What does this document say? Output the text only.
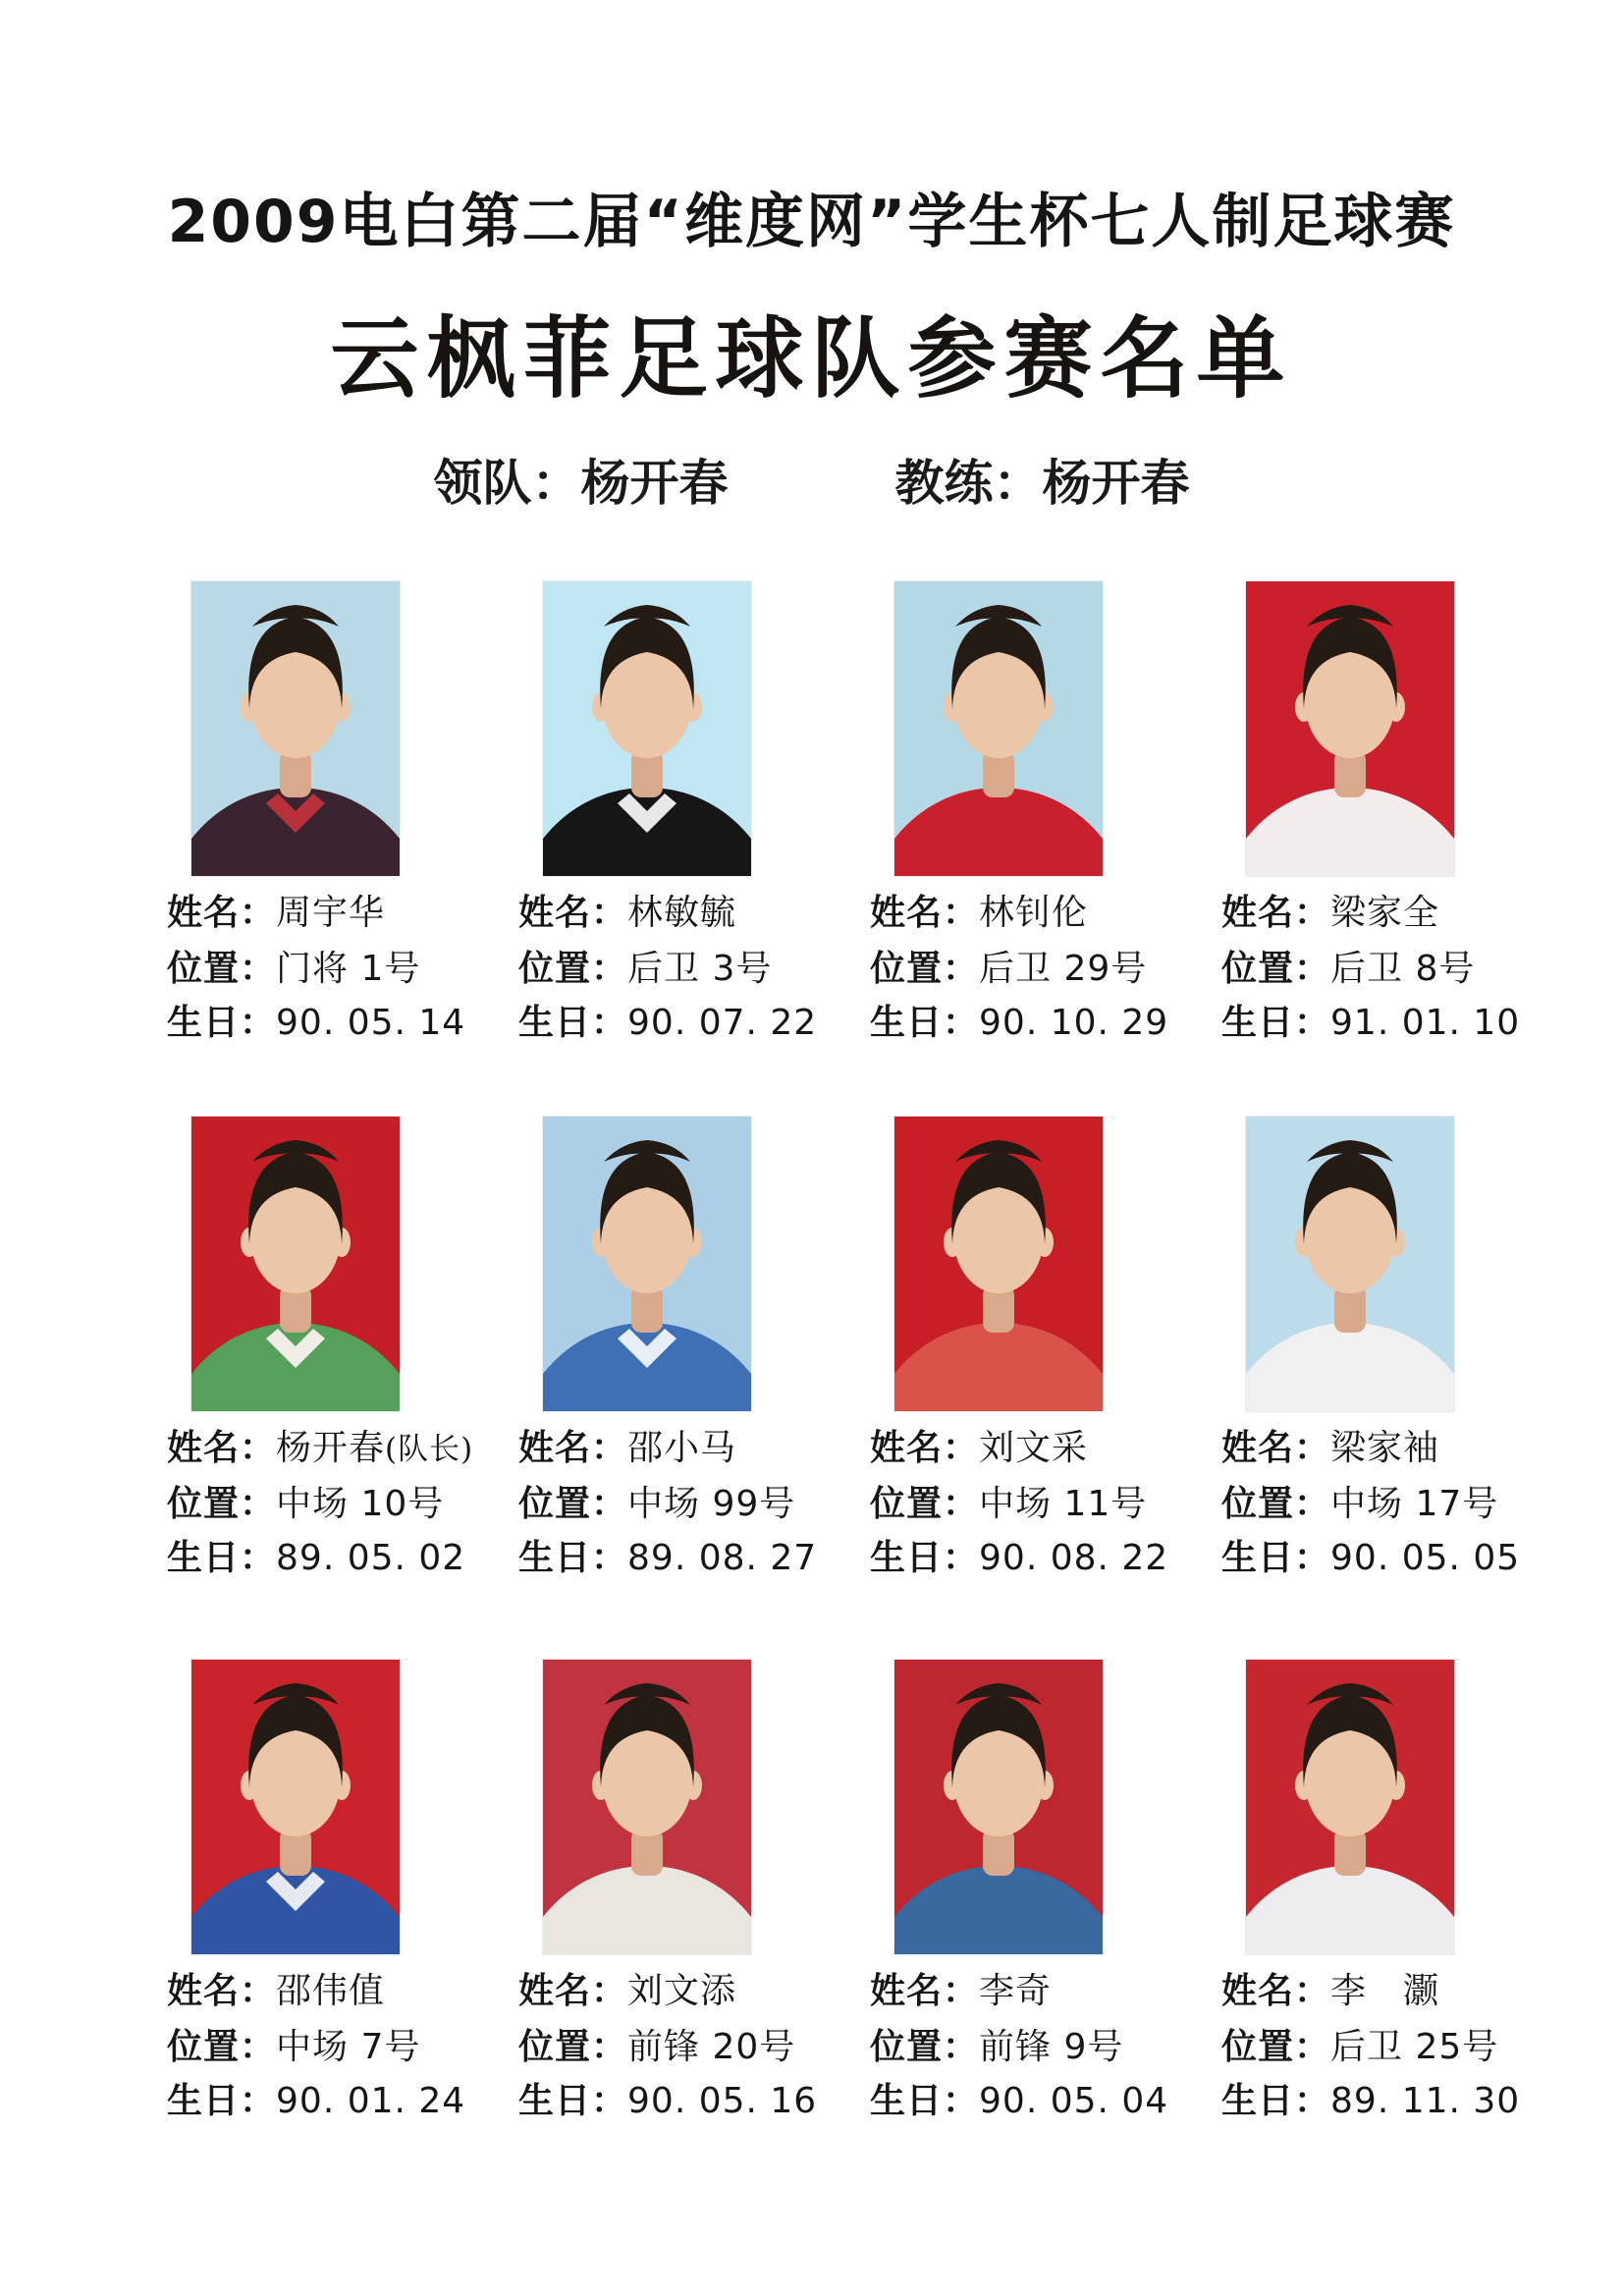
2009电白第二届“维度网”学生杯七人制足球赛
云枫菲足球队参赛名单
领队：杨开春	教练：杨开春
姓名：周宇华
位置：门将 1号
生日：90. 05. 14
姓名：林敏毓
位置：后卫 3号
生日：90. 07. 22
姓名：林钊伦
位置：后卫 29号
生日：90. 10. 29
姓名：梁家全
位置：后卫 8号
生日：91. 01. 10
姓名：杨开春(队长)
位置：中场 10号
生日：89. 05. 02
姓名：邵小马
位置：中场 99号
生日：89. 08. 27
姓名：刘文采
位置：中场 11号
生日：90. 08. 22
姓名：梁家袖
位置：中场 17号
生日：90. 05. 05
姓名：邵伟值
位置：中场 7号
生日：90. 01. 24
姓名：刘文添
位置：前锋 20号
生日：90. 05. 16
姓名：李奇
位置：前锋 9号
生日：90. 05. 04
姓名：李　灏
位置：后卫 25号
生日：89. 11. 30
